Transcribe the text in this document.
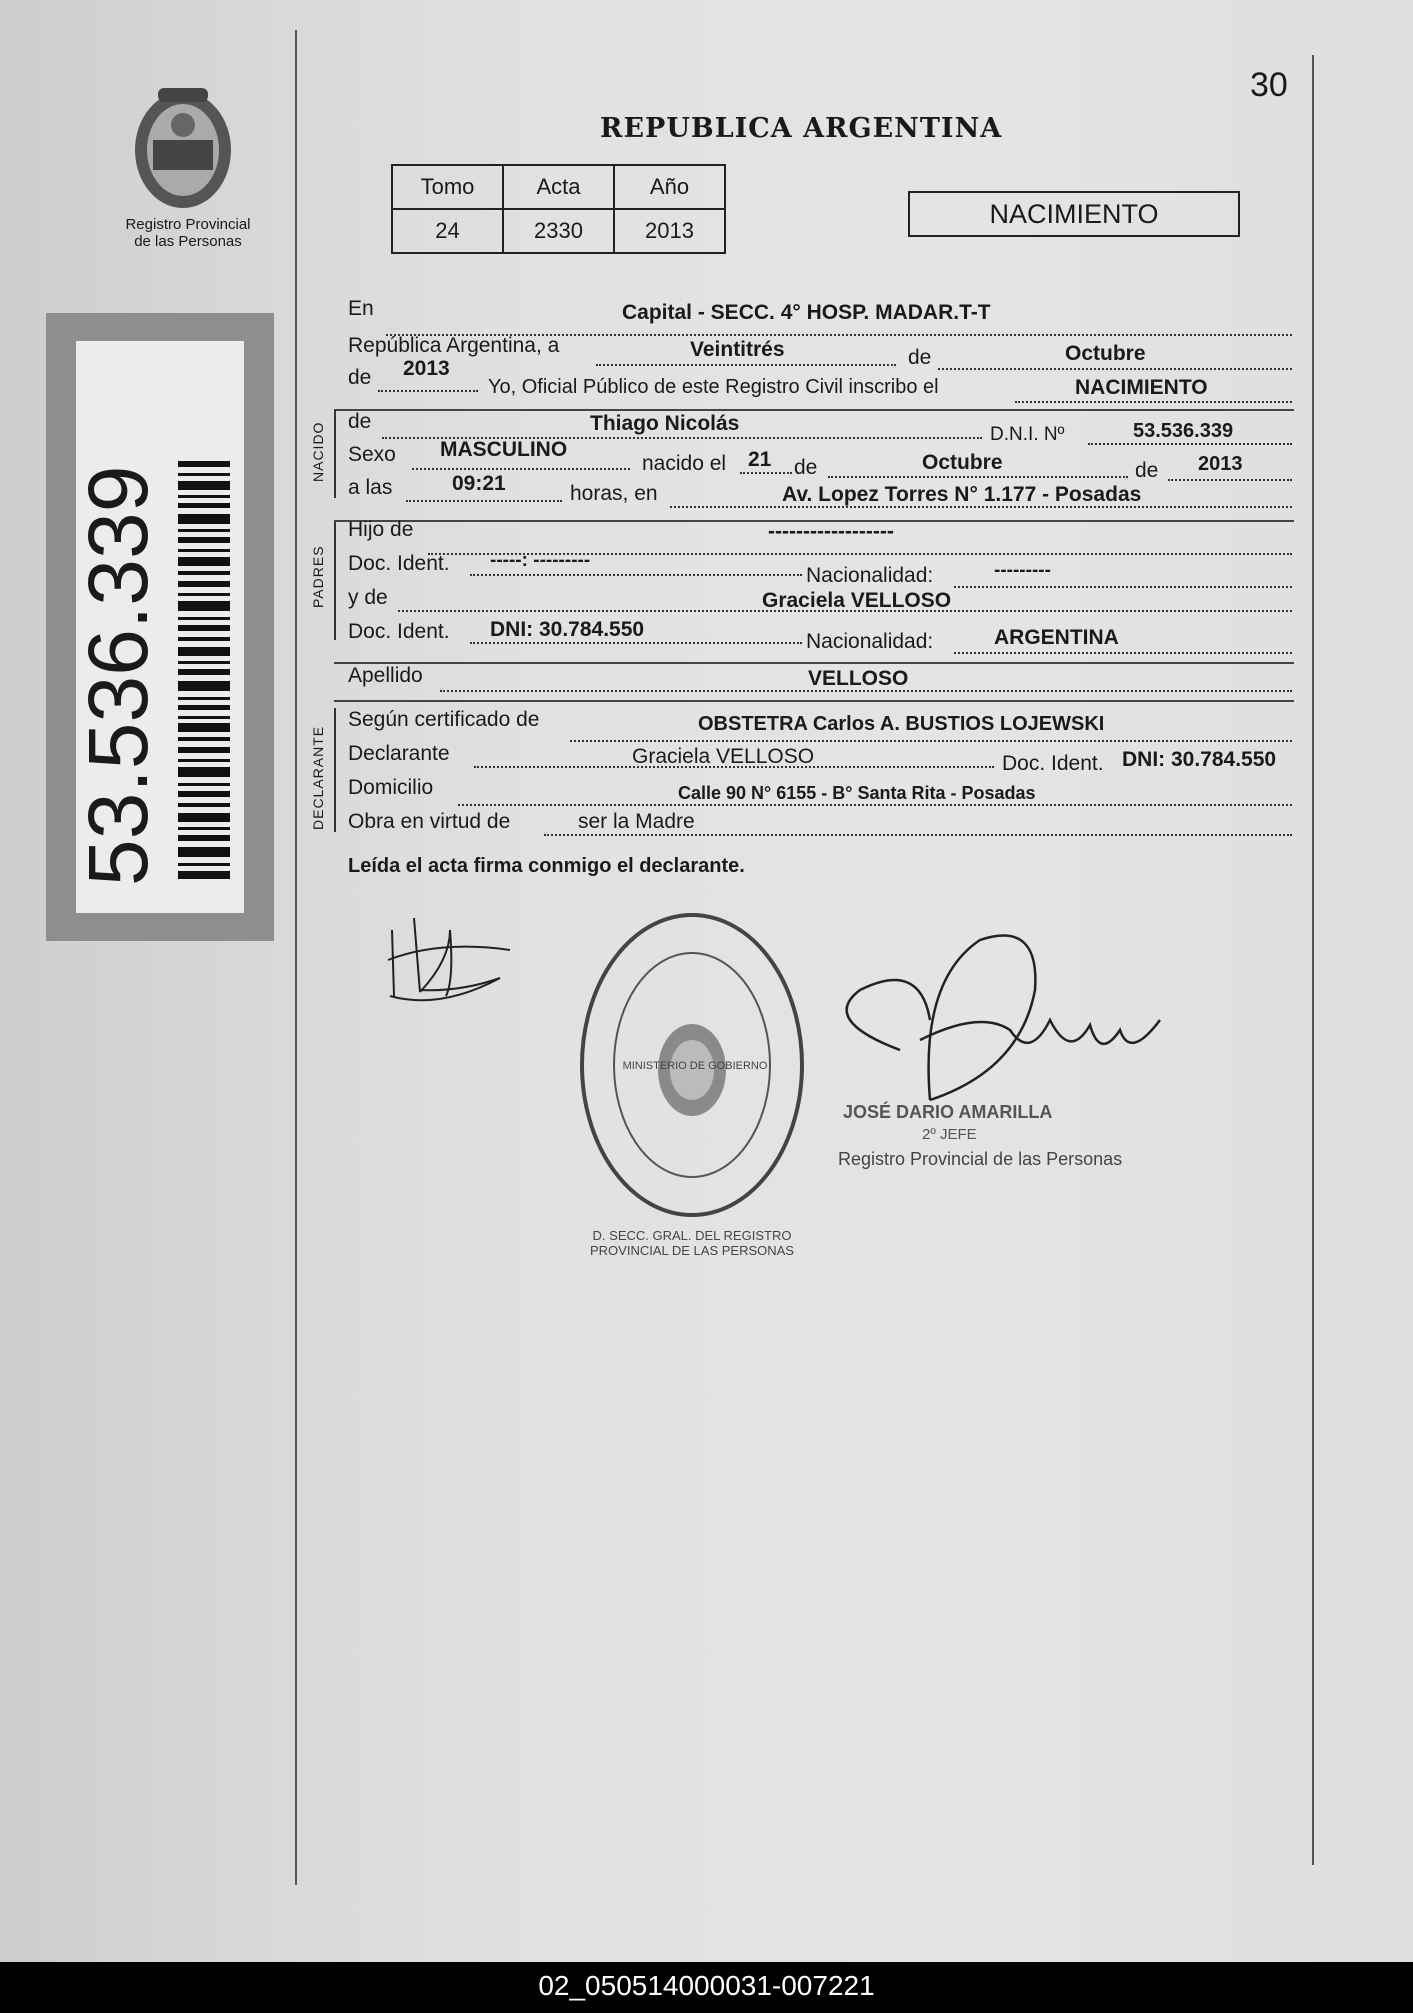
Registro Provincial
de las Personas
53.536.339
30
REPUBLICA ARGENTINA
Tomo	Acta	Año
24	2330	2013
NACIMIENTO
En	Capital - SECC. 4° HOSP. MADAR.T-T
República Argentina, a	Veintitrés	de	Octubre
de 2013
Yo, Oficial Público de este Registro Civil inscribo el	NACIMIENTO
NACIDO
de	Thiago Nicolás	D.N.I. Nº	53.536.339
Sexo MASCULINO
nacido el 21 de	Octubre	de 2013
a las	09:21	horas, en	Av. Lopez Torres N° 1.177 - Posadas
PADRES
Hijo de	------------------
Doc. Ident. -----: ---------
Nacionalidad:	---------
y de	Graciela VELLOSO
Doc. Ident. DNI: 30.784.550
Nacionalidad:	ARGENTINA
Apellido	VELLOSO
DECLARANTE
Según certificado de	OBSTETRA Carlos A. BUSTIOS LOJEWSKI
Declarante	Graciela VELLOSO	Doc. Ident. DNI: 30.784.550
Domicilio	Calle 90 N° 6155 - B° Santa Rita - Posadas
Obra en virtud de	ser la Madre
Leída el acta firma conmigo el declarante.
D. SECC. GRAL. DEL REGISTRO PROVINCIAL DE LAS PERSONAS
MINISTERIO DE GOBIERNO
JOSÉ DARIO AMARILLA
2º JEFE
Registro Provincial de las Personas
02_050514000031-007221
